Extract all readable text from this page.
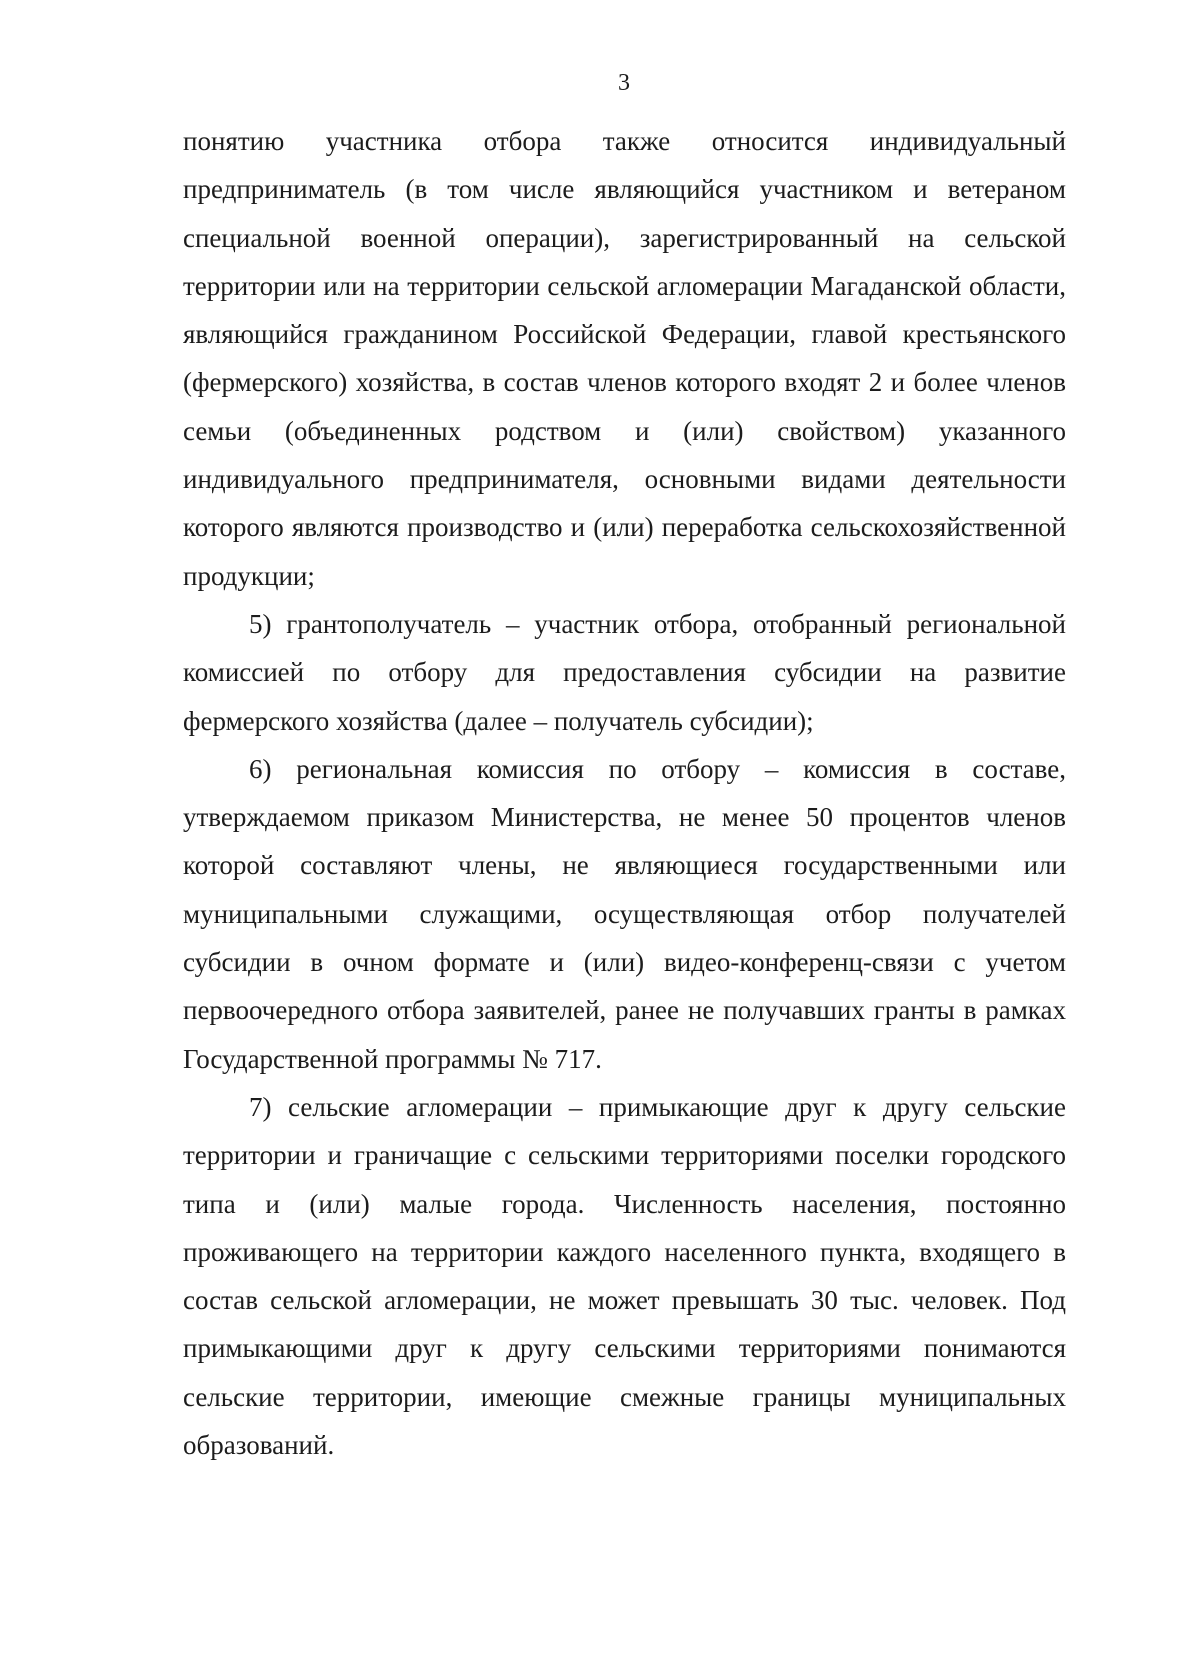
3

понятию участника отбора также относится индивидуальный предприниматель (в том числе являющийся участником и ветераном специальной военной операции), зарегистрированный на сельской территории или на территории сельской агломерации Магаданской области, являющийся гражданином Российской Федерации, главой крестьянского (фермерского) хозяйства, в состав членов которого входят 2 и более членов семьи (объединенных родством и (или) свойством) указанного индивидуального предпринимателя, основными видами деятельности которого являются производство и (или) переработка сельскохозяйственной продукции;

5) грантополучатель – участник отбора, отобранный региональной комиссией по отбору для предоставления субсидии на развитие фермерского хозяйства (далее – получатель субсидии);

6) региональная комиссия по отбору – комиссия в составе, утверждаемом приказом Министерства, не менее 50 процентов членов которой составляют члены, не являющиеся государственными или муниципальными служащими, осуществляющая отбор получателей субсидии в очном формате и (или) видео-конференц-связи с учетом первоочередного отбора заявителей, ранее не получавших гранты в рамках Государственной программы № 717.

7) сельские агломерации – примыкающие друг к другу сельские территории и граничащие с сельскими территориями поселки городского типа и (или) малые города. Численность населения, постоянно проживающего на территории каждого населенного пункта, входящего в состав сельской агломерации, не может превышать 30 тыс. человек. Под примыкающими друг к другу сельскими территориями понимаются сельские территории, имеющие смежные границы муниципальных образований.
